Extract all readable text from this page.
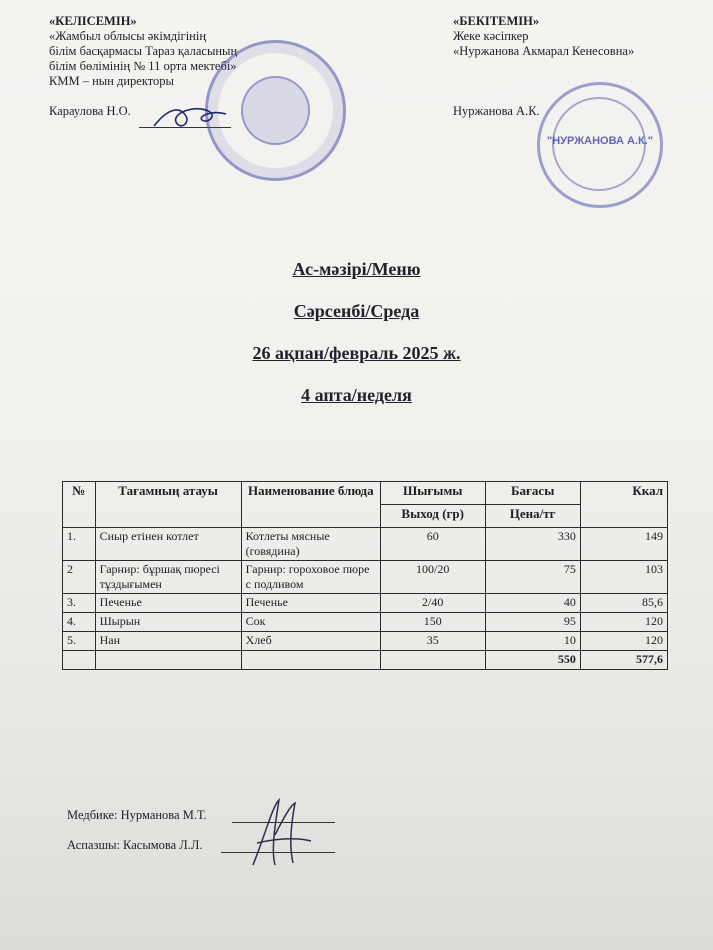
«КЕЛІСЕМІН»
«Жамбыл облысы әкімдігінің
білім басқармасы Тараз қаласының
білім бөлімінің № 11 орта мектебі»
КММ – нын директоры
Караулова Н.О.
«БЕКІТЕМІН»
Жеке кәсіпкер
«Нуржанова Акмарал Кенесовна»
Нуржанова А.К.
"НУРЖАНОВА А.К."
Ас-мәзірі/Меню
Сәрсенбі/Среда
26 ақпан/февраль 2025 ж.
4 апта/неделя
№	Тағамның атауы	Наименование блюда	Шығымы	Бағасы	Ккал
			Выход (гр)	Цена/тг	
1.	Сиыр етінен котлет	Котлеты мясные (говядина)	60	330	149
2	Гарнир: бұршақ пюресі тұздығымен	Гарнир: гороховое пюре с подливом	100/20	75	103
3.	Печенье	Печенье	2/40	40	85,6
4.	Шырын	Сок	150	95	120
5.	Нан	Хлеб	35	10	120
				550	577,6
Медбике: Нурманова М.Т.
Аспазшы: Касымова Л.Л.
